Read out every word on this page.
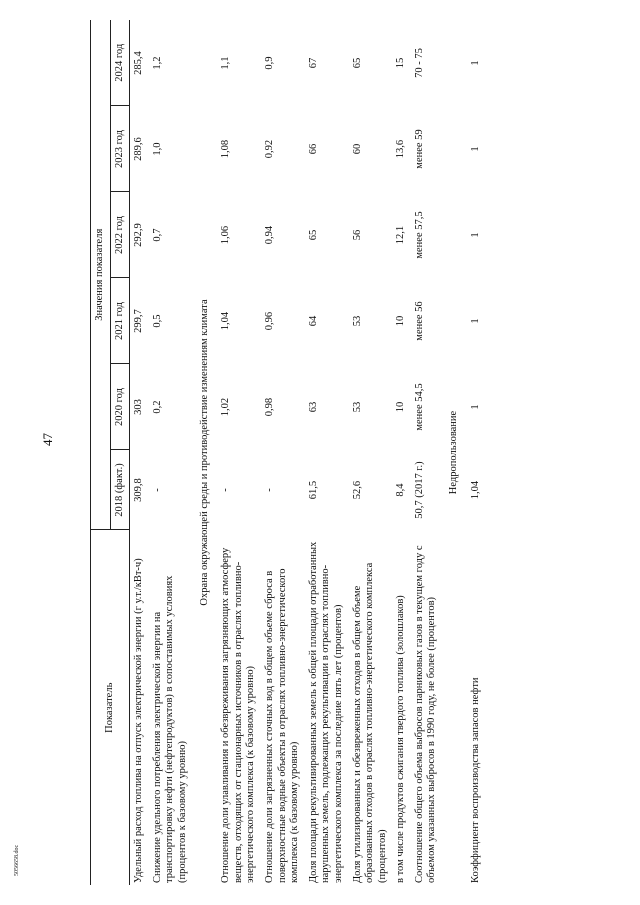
47
5056658.doc
Показатель	Значения показателя					
	2018 (факт.)	2020 год	2021 год	2022 год	2023 год	2024 год
Удельный расход топлива на отпуск электрической энергии (г у.т./кВт-ч)	309,8	303	299,7	292,9	289,6	285,4
Снижение удельного потребления электрической энергии на транспортировку нефти (нефтепродуктов) в сопоставимых условиях (процентов к базовому уровню)	-	0,2	0,5	0,7	1,0	1,2
Охрана окружающей среды и противодействие изменениям климата						
Отношение доли улавливания и обезвреживания загрязняющих атмосферу веществ, отходящих от стационарных источников в отраслях топливно-энергетического комплекса (к базовому уровню)	-	1,02	1,04	1,06	1,08	1,1
Отношение доли загрязненных сточных вод в общем объеме сброса в поверхностные водные объекты в отраслях топливно-энергетического комплекса (к базовому уровню)	-	0,98	0,96	0,94	0,92	0,9
Доля площади рекультивированных земель к общей площади отработанных нарушенных земель, подлежащих рекультивации в отраслях топливно-энергетического комплекса за последние пять лет (процентов)	61,5	63	64	65	66	67
Доля утилизированных и обезвреженных отходов в общем объеме образованных отходов в отраслях топливно-энергетического комплекса (процентов)	52,6	53	53	56	60	65
в том числе продуктов сжигания твердого топлива (золошлаков)	8,4	10	10	12,1	13,6	15
Соотношение общего объема выбросов парниковых газов в текущем году с объемом указанных выбросов в 1990 году, не более (процентов)	50,7 (2017 г.)	менее 54,5	менее 56	менее 57,5	менее 59	70 - 75
Недропользование						
Коэффициент воспроизводства запасов нефти	1,04	1	1	1	1	1
